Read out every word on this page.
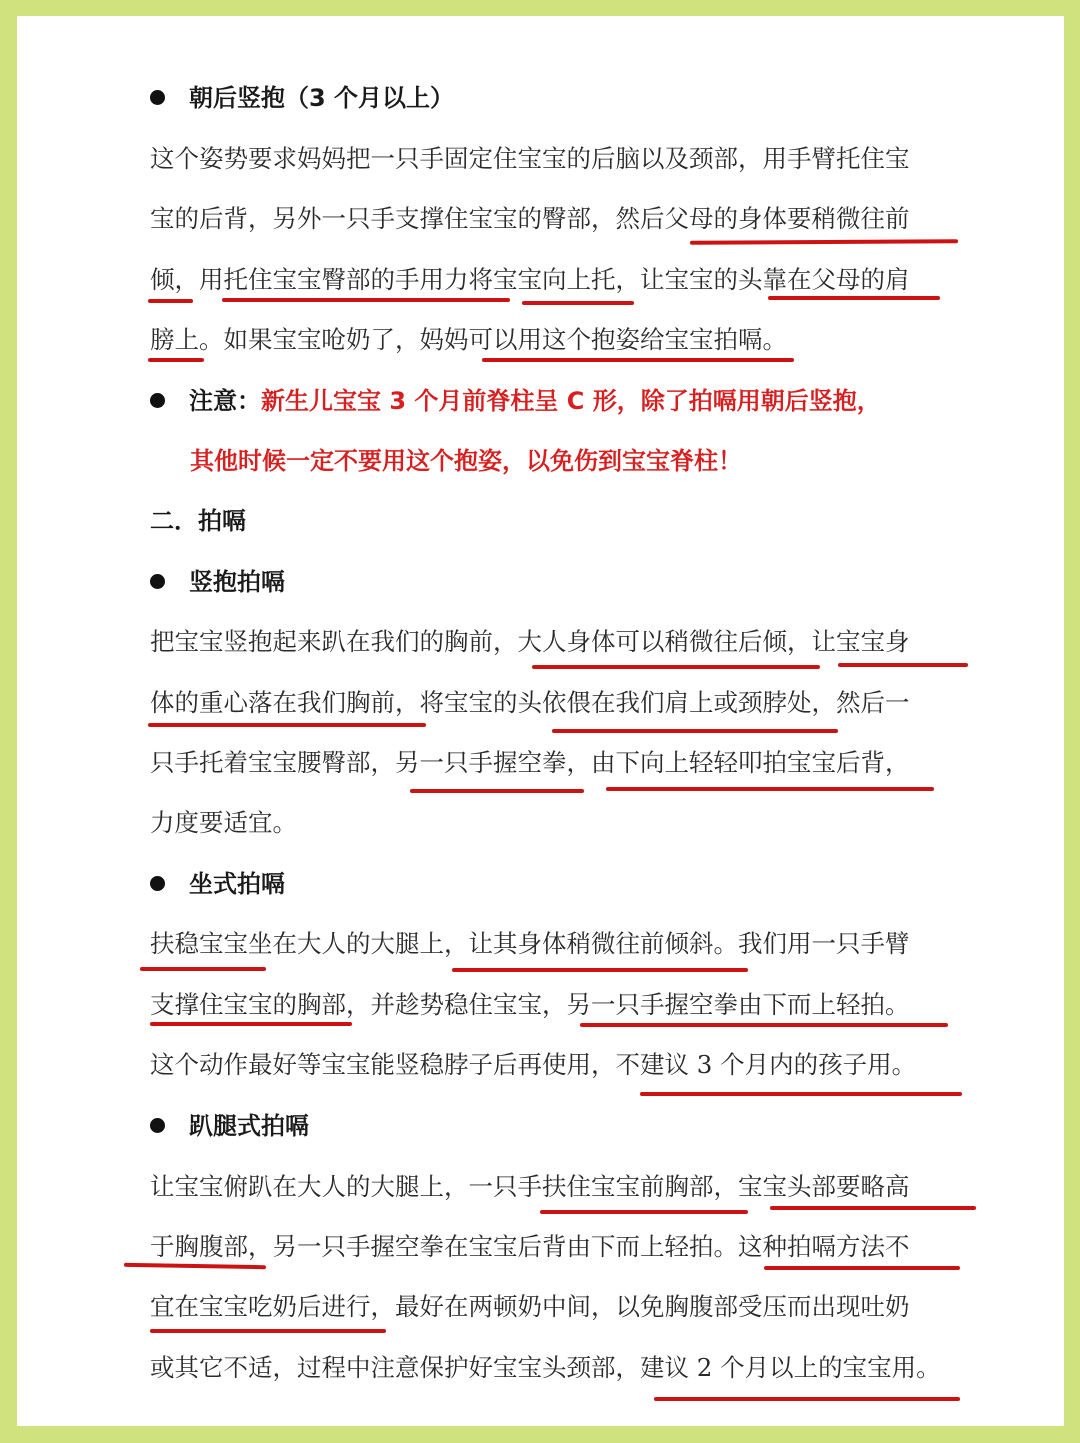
朝后竖抱（3 个月以上）
这个姿势要求妈妈把一只手固定住宝宝的后脑以及颈部，用手臂托住宝
宝的后背，另外一只手支撑住宝宝的臀部，然后父母的身体要稍微往前
倾，用托住宝宝臀部的手用力将宝宝向上托，让宝宝的头靠在父母的肩
膀上。如果宝宝呛奶了，妈妈可以用这个抱姿给宝宝拍嗝。
注意：新生儿宝宝 3 个月前脊柱呈 C 形，除了拍嗝用朝后竖抱，
其他时候一定不要用这个抱姿，以免伤到宝宝脊柱！
二．拍嗝
竖抱拍嗝
把宝宝竖抱起来趴在我们的胸前，大人身体可以稍微往后倾，让宝宝身
体的重心落在我们胸前，将宝宝的头依偎在我们肩上或颈脖处，然后一
只手托着宝宝腰臀部，另一只手握空拳，由下向上轻轻叩拍宝宝后背，
力度要适宜。
坐式拍嗝
扶稳宝宝坐在大人的大腿上，让其身体稍微往前倾斜。我们用一只手臂
支撑住宝宝的胸部，并趁势稳住宝宝，另一只手握空拳由下而上轻拍。
这个动作最好等宝宝能竖稳脖子后再使用，不建议 3 个月内的孩子用。
趴腿式拍嗝
让宝宝俯趴在大人的大腿上，一只手扶住宝宝前胸部，宝宝头部要略高
于胸腹部，另一只手握空拳在宝宝后背由下而上轻拍。这种拍嗝方法不
宜在宝宝吃奶后进行，最好在两顿奶中间，以免胸腹部受压而出现吐奶
或其它不适，过程中注意保护好宝宝头颈部，建议 2 个月以上的宝宝用。
